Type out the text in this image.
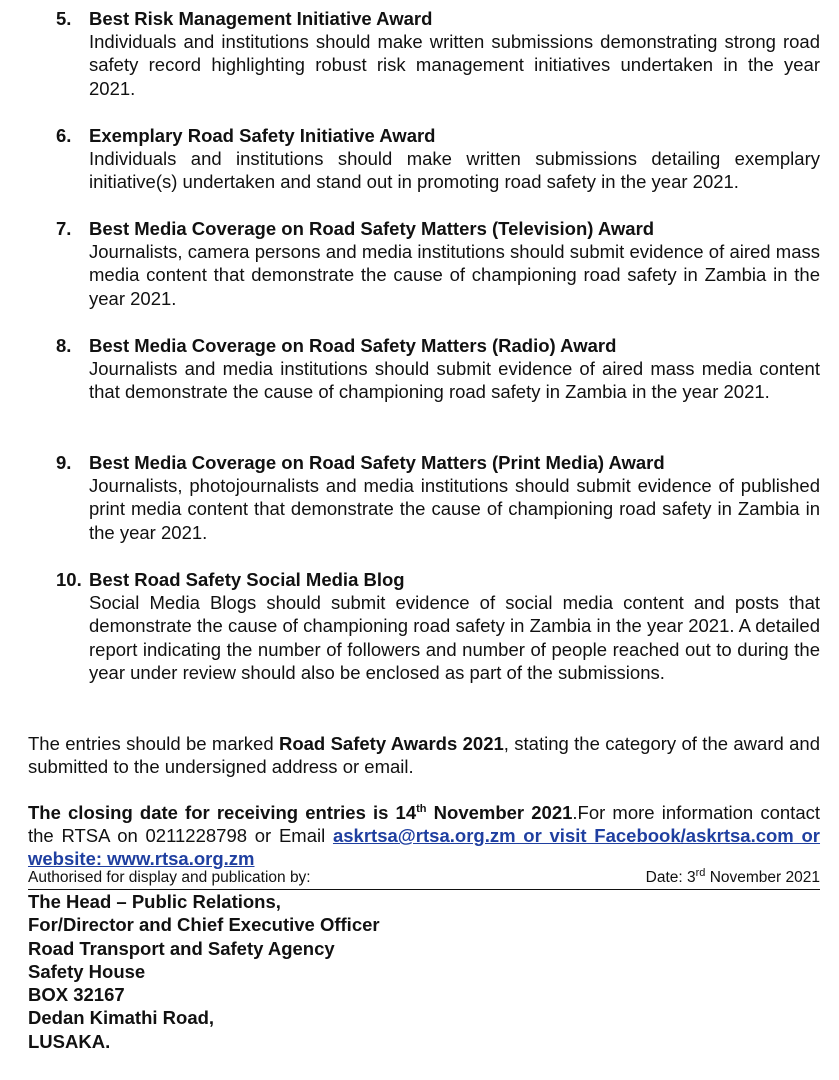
5. Best Risk Management Initiative Award
Individuals and institutions should make written submissions demonstrating strong road safety record highlighting robust risk management initiatives undertaken in the year 2021.
6. Exemplary Road Safety Initiative Award
Individuals and institutions should make written submissions detailing exemplary initiative(s) undertaken and stand out in promoting road safety in the year 2021.
7. Best Media Coverage on Road Safety Matters (Television) Award
Journalists, camera persons and media institutions should submit evidence of aired mass media content that demonstrate the cause of championing road safety in Zambia in the year 2021.
8. Best Media Coverage on Road Safety Matters (Radio) Award
Journalists and media institutions should submit evidence of aired mass media content that demonstrate the cause of championing road safety in Zambia in the year 2021.
9. Best Media Coverage on Road Safety Matters (Print Media) Award
Journalists, photojournalists and media institutions should submit evidence of published print media content that demonstrate the cause of championing road safety in Zambia in the year 2021.
10. Best Road Safety Social Media Blog
Social Media Blogs should submit evidence of social media content and posts that demonstrate the cause of championing road safety in Zambia in the year 2021. A detailed report indicating the number of followers and number of people reached out to during the year under review should also be enclosed as part of the submissions.
The entries should be marked Road Safety Awards 2021, stating the category of the award and submitted to the undersigned address or email.
The closing date for receiving entries is 14th November 2021.For more information contact the RTSA on 0211228798 or Email askrtsa@rtsa.org.zm or visit Facebook/askrtsa.com or website: www.rtsa.org.zm
Authorised for display and publication by:	Date: 3rd November 2021
The Head – Public Relations,
For/Director and Chief Executive Officer
Road Transport and Safety Agency
Safety House
BOX 32167
Dedan Kimathi Road,
LUSAKA.
